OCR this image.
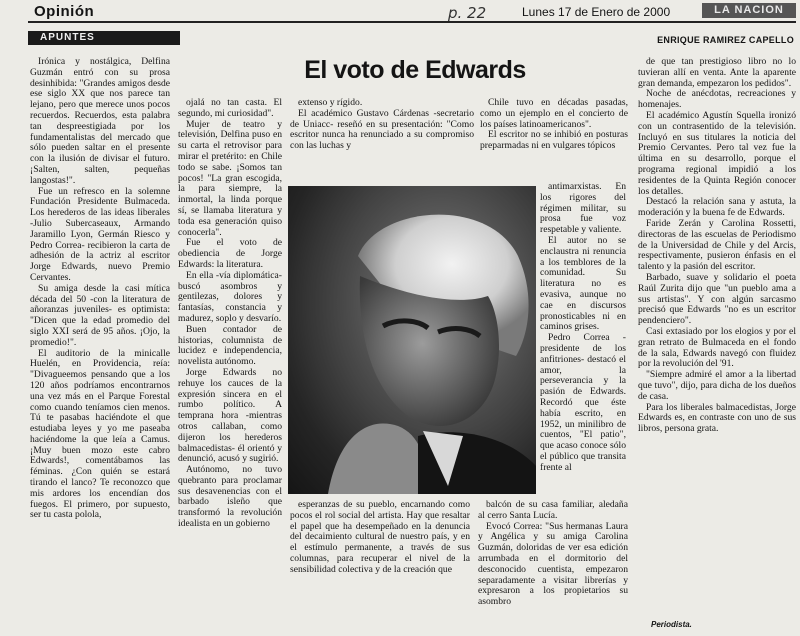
Opinión	p. 22	Lunes 17 de Enero de 2000	LA NACION
APUNTES	ENRIQUE RAMIREZ CAPELLO
El voto de Edwards

Irónica y nostálgica, Delfina Guzmán entró con su prosa desinhibida: "Grandes amigos desde ese siglo XX que nos parece tan lejano, pero que merece unos pocos recuerdos. Recuerdos, esta palabra tan despreestigiada por los fundamentalistas del mercado que sólo pueden saltar en el presente con la ilusión de divisar el futuro. ¡Salten, salten, pequeñas langostas!".

Fue un refresco en la solemne Fundación Presidente Bulmaceda. Los herederos de las ideas liberales -Julio Subercaseaux, Armando Jaramillo Lyon, Germán Riesco y Pedro Correa- recibieron la carta de adhesión de la actriz al escritor Jorge Edwards, nuevo Premio Cervantes.

Su amiga desde la casi mítica década del 50 -con la literatura de añoranzas juveniles- es optimista: "Dicen que la edad promedio del siglo XXI será de 95 años. ¡Ojo, la promedio!".

El auditorio de la minicalle Huelén, en Providencia, reía: "Divagueemos pensando que a los 120 años podríamos encontrarnos una vez más en el Parque Forestal como cuando teníamos cien menos. Tú te pasabas haciéndote el que estudiaba leyes y yo me paseaba haciéndome la que leía a Camus. ¡Muy buen mozo este cabro Edwards!, comentábamos las féminas. ¿Con quién se estará tirando el lanco? Te reconozco que mis ardores los encendían dos fuegos. El primero, por supuesto, ser tu casta polola,

ojalá no tan casta. El segundo, mi curiosidad".

Mujer de teatro y televisión, Delfina puso en su carta el retrovisor para mirar el pretérito: en Chile todo se sabe. ¡Somos tan pocos! "La gran escogida, la para siempre, la inmortal, la linda porque sí, se llamaba literatura y toda esa generación quiso conocerla".

Fue el voto de obediencia de Jorge Edwards: la literatura.

En ella -vía diplomática- buscó asombros y gentilezas, dolores y fantasías, constancia y madurez, soplo y desvarío.

Buen contador de historias, columnista de lucidez e independencia, novelista autónomo.

Jorge Edwards no rehuye los cauces de la expresión sincera en el rumbo político. A temprana hora -mientras otros callaban, como dijeron los herederos balmacedistas- él orientó y denunció, acusó y sugirió.

Autónomo, no tuvo quebranto para proclamar sus desavenencias con el barbado isleño que transformó la revolución idealista en un gobierno

extenso y rígido.

El académico Gustavo Cárdenas -secretario de Uniacc- reseñó en su presentación: "Como escritor nunca ha renunciado a su compromiso con las luchas y

esperanzas de su pueblo, encarnando como pocos el rol social del artista. Hay que resaltar el papel que ha desempeñado en la denuncia del decaimiento cultural de nuestro país, y en el estímulo permanente, a través de sus columnas, para recuperar el nivel de la sensibilidad colectiva y de la creación que

Chile tuvo en décadas pasadas, como un ejemplo en el concierto de los países latinoamericanos".

El escritor no se inhibió en posturas preparmadas ni en vulgares tópicos

antimarxistas. En los rigores del régimen militar, su prosa fue voz respetable y valiente.

El autor no se enclaustra ni renuncia a los temblores de la comunidad. Su literatura no es evasiva, aunque no cae en discursos pronosticables ni en caminos grises.

Pedro Correa -presidente de los anfitriones- destacó el amor, la perseverancia y la pasión de Edwards. Recordó que éste había escrito, en 1952, un minilibro de cuentos, "El patio", que acaso conoce sólo el público que transita frente al

balcón de su casa familiar, aledaña al cerro Santa Lucía.

Evocó Correa: "Sus hermanas Laura y Angélica y su amiga Carolina Guzmán, doloridas de ver esa edición arrumbada en el dormitorio del desconocido cuentista, empezaron separadamente a visitar librerías y expresaron a los propietarios su asombro

de que tan prestigioso libro no lo tuvieran allí en venta. Ante la aparente gran demanda, empezaron los pedidos".

Noche de anécdotas, recreaciones y homenajes.

El académico Agustín Squella ironizó con un contrasentido de la televisión. Incluyó en sus titulares la noticia del Premio Cervantes. Pero tal vez fue la última en su desarrollo, porque el programa regional impidió a los residentes de la Quinta Región conocer los detalles.

Destacó la relación sana y astuta, la moderación y la buena fe de Edwards.

Faride Zerán y Carolina Rossetti, directoras de las escuelas de Periodismo de la Universidad de Chile y del Arcis, respectivamente, pusieron énfasis en el talento y la pasión del escritor.

Barbado, suave y solidario el poeta Raúl Zurita dijo que "un pueblo ama a sus artistas". Y con algún sarcasmo precisó que Edwards "no es un escritor pendenciero".

Casi extasiado por los elogios y por el gran retrato de Bulmaceda en el fondo de la sala, Edwards navegó con fluidez por la revolución del '91.

"Siempre admiré el amor a la libertad que tuvo", dijo, para dicha de los dueños de casa.

Para los liberales balmacedistas, Jorge Edwards es, en contraste con uno de sus libros, persona grata.

Periodista.
